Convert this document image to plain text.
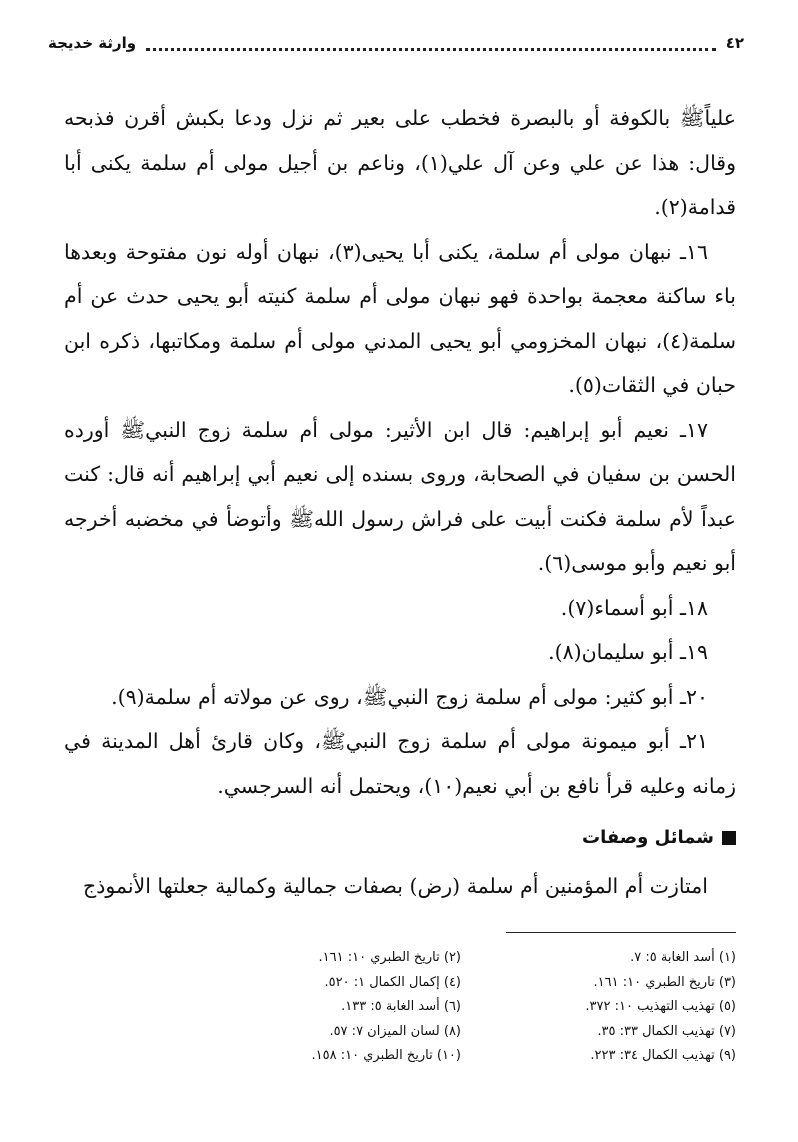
٤٢
وارثة خديجة

علياًﷺ بالكوفة أو بالبصرة فخطب على بعير ثم نزل ودعا بكبش أقرن فذبحه وقال: هذا عن علي وعن آل علي(١)، وناعم بن أجيل مولى أم سلمة يكنى أبا قدامة(٢).

١٦ـ نبهان مولى أم سلمة، يكنى أبا يحيى(٣)، نبهان أوله نون مفتوحة وبعدها باء ساكنة معجمة بواحدة فهو نبهان مولى أم سلمة كنيته أبو يحيى حدث عن أم سلمة(٤)، نبهان المخزومي أبو يحيى المدني مولى أم سلمة ومكاتبها، ذكره ابن حبان في الثقات(٥).

١٧ـ نعيم أبو إبراهيم: قال ابن الأثير: مولى أم سلمة زوج النبيﷺ أورده الحسن بن سفيان في الصحابة، وروى بسنده إلى نعيم أبي إبراهيم أنه قال: كنت عبداً لأم سلمة فكنت أبيت على فراش رسول اللهﷺ وأتوضأ في مخضبه أخرجه أبو نعيم وأبو موسى(٦).

١٨ـ أبو أسماء(٧).

١٩ـ أبو سليمان(٨).

٢٠ـ أبو كثير: مولى أم سلمة زوج النبيﷺ، روى عن مولاته أم سلمة(٩).

٢١ـ أبو ميمونة مولى أم سلمة زوج النبيﷺ، وكان قارئ أهل المدينة في زمانه وعليه قرأ نافع بن أبي نعيم(١٠)، ويحتمل أنه السرجسي.

شمائل وصفات
امتازت أم المؤمنين أم سلمة (رض) بصفات جمالية وكمالية جعلتها الأنموذج
(١) أسد الغابة ٥: ٧.
(٢) تاريخ الطبري ١٠: ١٦١.
(٣) تاريخ الطبري ١٠: ١٦١.
(٤) إكمال الكمال ١: ٥٢٠.
(٥) تهذيب التهذيب ١٠: ٣٧٢.
(٦) أسد الغابة ٥: ١٣٣.
(٧) تهذيب الكمال ٣٣: ٣٥.
(٨) لسان الميزان ٧: ٥٧.
(٩) تهذيب الكمال ٣٤: ٢٢٣.
(١٠) تاريخ الطبري ١٠: ١٥٨.
